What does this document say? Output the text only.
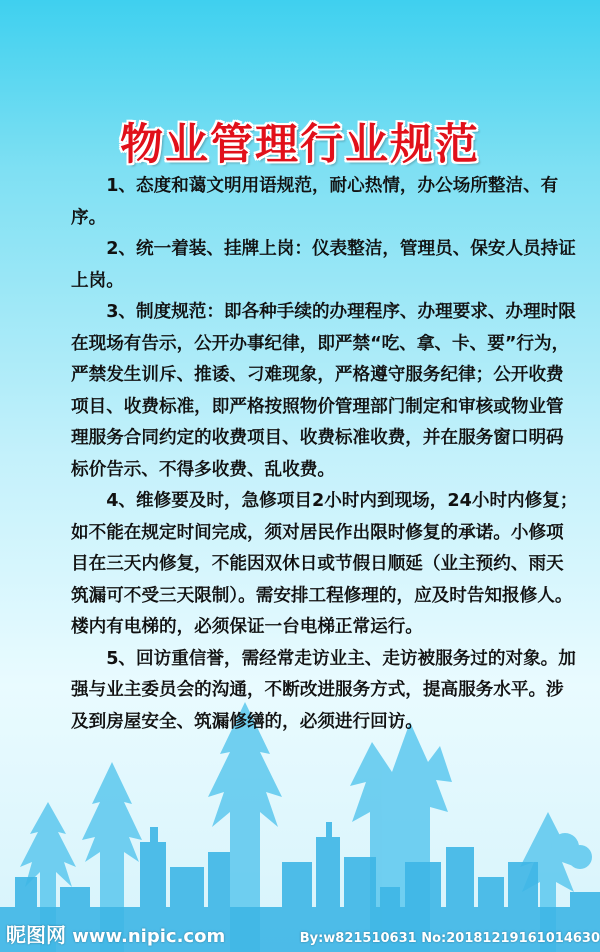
物业管理行业规范

1、态度和蔼文明用语规范，耐心热情，办公场所整洁、有序。

2、统一着装、挂牌上岗：仪表整洁，管理员、保安人员持证上岗。

3、制度规范：即各种手续的办理程序、办理要求、办理时限在现场有告示，公开办事纪律，即严禁“吃、拿、卡、要”行为，严禁发生训斥、推诿、刁难现象，严格遵守服务纪律；公开收费项目、收费标准，即严格按照物价管理部门制定和审核或物业管理服务合同约定的收费项目、收费标准收费，并在服务窗口明码标价告示、不得多收费、乱收费。

4、维修要及时，急修项目2小时内到现场，24小时内修复；如不能在规定时间完成，须对居民作出限时修复的承诺。小修项目在三天内修复，不能因双休日或节假日顺延（业主预约、雨天筑漏可不受三天限制）。需安排工程修理的，应及时告知报修人。楼内有电梯的，必须保证一台电梯正常运行。

5、回访重信誉，需经常走访业主、走访被服务过的对象。加强与业主委员会的沟通，不断改进服务方式，提高服务水平。涉及到房屋安全、筑漏修缮的，必须进行回访。

昵图网 www.nipic.com	By:w821510631 No:20181219161014630
